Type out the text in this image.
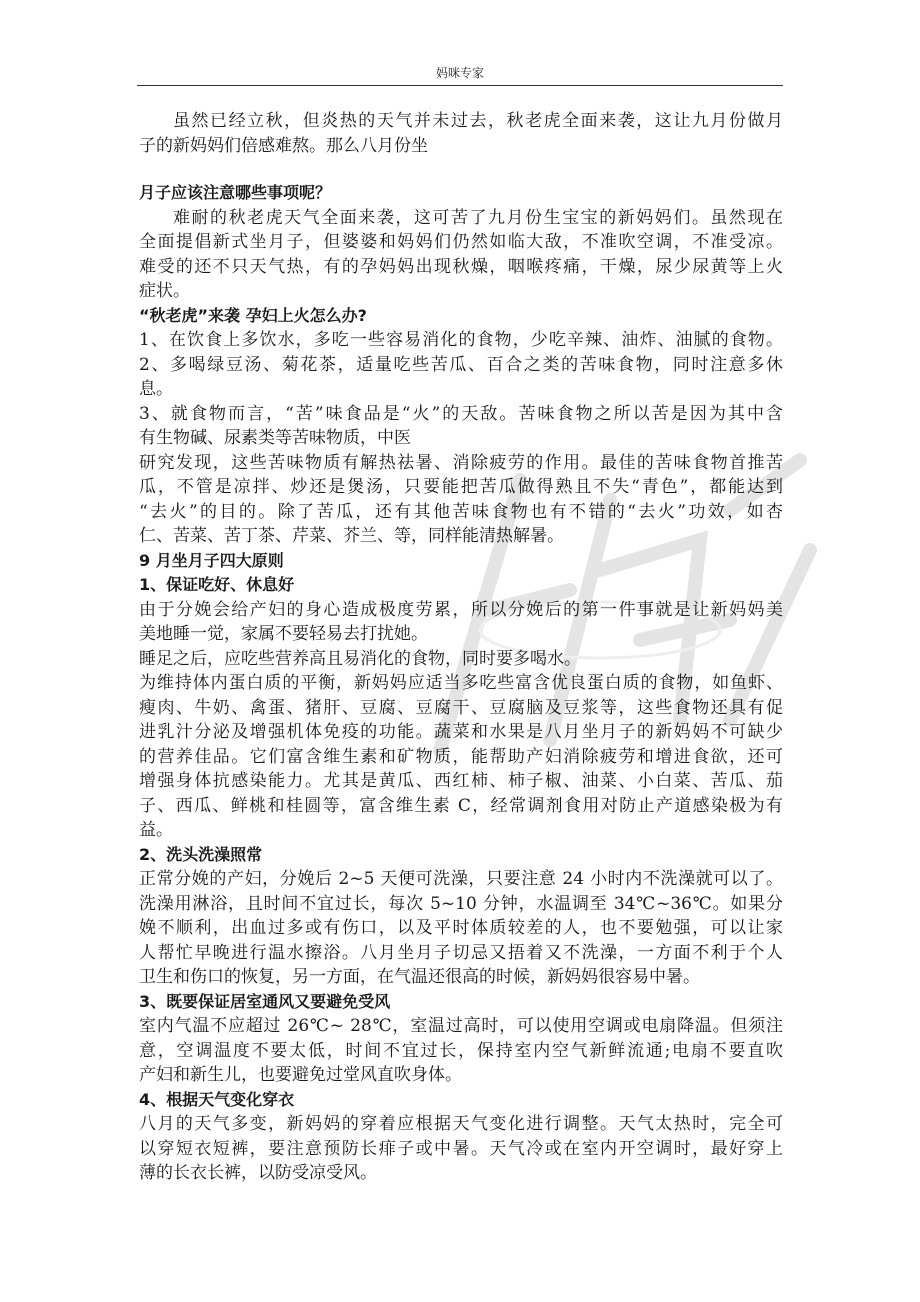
妈咪专家
虽然已经立秋，但炎热的天气并未过去，秋老虎全面来袭，这让九月份做月
子的新妈妈们倍感难熬。那么八月份坐
月子应该注意哪些事项呢？
难耐的秋老虎天气全面来袭，这可苦了九月份生宝宝的新妈妈们。虽然现在
全面提倡新式坐月子，但婆婆和妈妈们仍然如临大敌，不准吹空调，不准受凉。
难受的还不只天气热，有的孕妈妈出现秋燥，咽喉疼痛，干燥，尿少尿黄等上火
症状。
“秋老虎”来袭 孕妇上火怎么办?
1、在饮食上多饮水，多吃一些容易消化的食物，少吃辛辣、油炸、油腻的食物。
2、多喝绿豆汤、菊花茶，适量吃些苦瓜、百合之类的苦味食物，同时注意多休
息。
3、就食物而言，“苦”味食品是“火”的天敌。苦味食物之所以苦是因为其中含
有生物碱、尿素类等苦味物质，中医
研究发现，这些苦味物质有解热祛暑、消除疲劳的作用。最佳的苦味食物首推苦
瓜，不管是凉拌、炒还是煲汤，只要能把苦瓜做得熟且不失“青色”，都能达到
“去火”的目的。除了苦瓜，还有其他苦味食物也有不错的“去火”功效，如杏
仁、苦菜、苦丁茶、芹菜、芥兰、等，同样能清热解暑。
9 月坐月子四大原则
1、保证吃好、休息好
由于分娩会给产妇的身心造成极度劳累，所以分娩后的第一件事就是让新妈妈美
美地睡一觉，家属不要轻易去打扰她。
睡足之后，应吃些营养高且易消化的食物，同时要多喝水。
为维持体内蛋白质的平衡，新妈妈应适当多吃些富含优良蛋白质的食物，如鱼虾、
瘦肉、牛奶、禽蛋、猪肝、豆腐、豆腐干、豆腐脑及豆浆等，这些食物还具有促
进乳汁分泌及增强机体免疫的功能。蔬菜和水果是八月坐月子的新妈妈不可缺少
的营养佳品。它们富含维生素和矿物质，能帮助产妇消除疲劳和增进食欲，还可
增强身体抗感染能力。尤其是黄瓜、西红柿、柿子椒、油菜、小白菜、苦瓜、茄
子、西瓜、鲜桃和桂圆等，富含维生素 C，经常调剂食用对防止产道感染极为有
益。
2、洗头洗澡照常
正常分娩的产妇，分娩后 2~5 天便可洗澡，只要注意 24 小时内不洗澡就可以了。
洗澡用淋浴，且时间不宜过长，每次 5~10 分钟，水温调至 34℃~36℃。如果分
娩不顺利，出血过多或有伤口，以及平时体质较差的人，也不要勉强，可以让家
人帮忙早晚进行温水擦浴。八月坐月子切忌又捂着又不洗澡，一方面不利于个人
卫生和伤口的恢复，另一方面，在气温还很高的时候，新妈妈很容易中暑。
3、既要保证居室通风又要避免受风
室内气温不应超过 26℃~ 28℃，室温过高时，可以使用空调或电扇降温。但须注
意，空调温度不要太低，时间不宜过长，保持室内空气新鲜流通;电扇不要直吹
产妇和新生儿，也要避免过堂风直吹身体。
4、根据天气变化穿衣
八月的天气多变，新妈妈的穿着应根据天气变化进行调整。天气太热时，完全可
以穿短衣短裤，要注意预防长痱子或中暑。天气冷或在室内开空调时，最好穿上
薄的长衣长裤，以防受凉受风。
